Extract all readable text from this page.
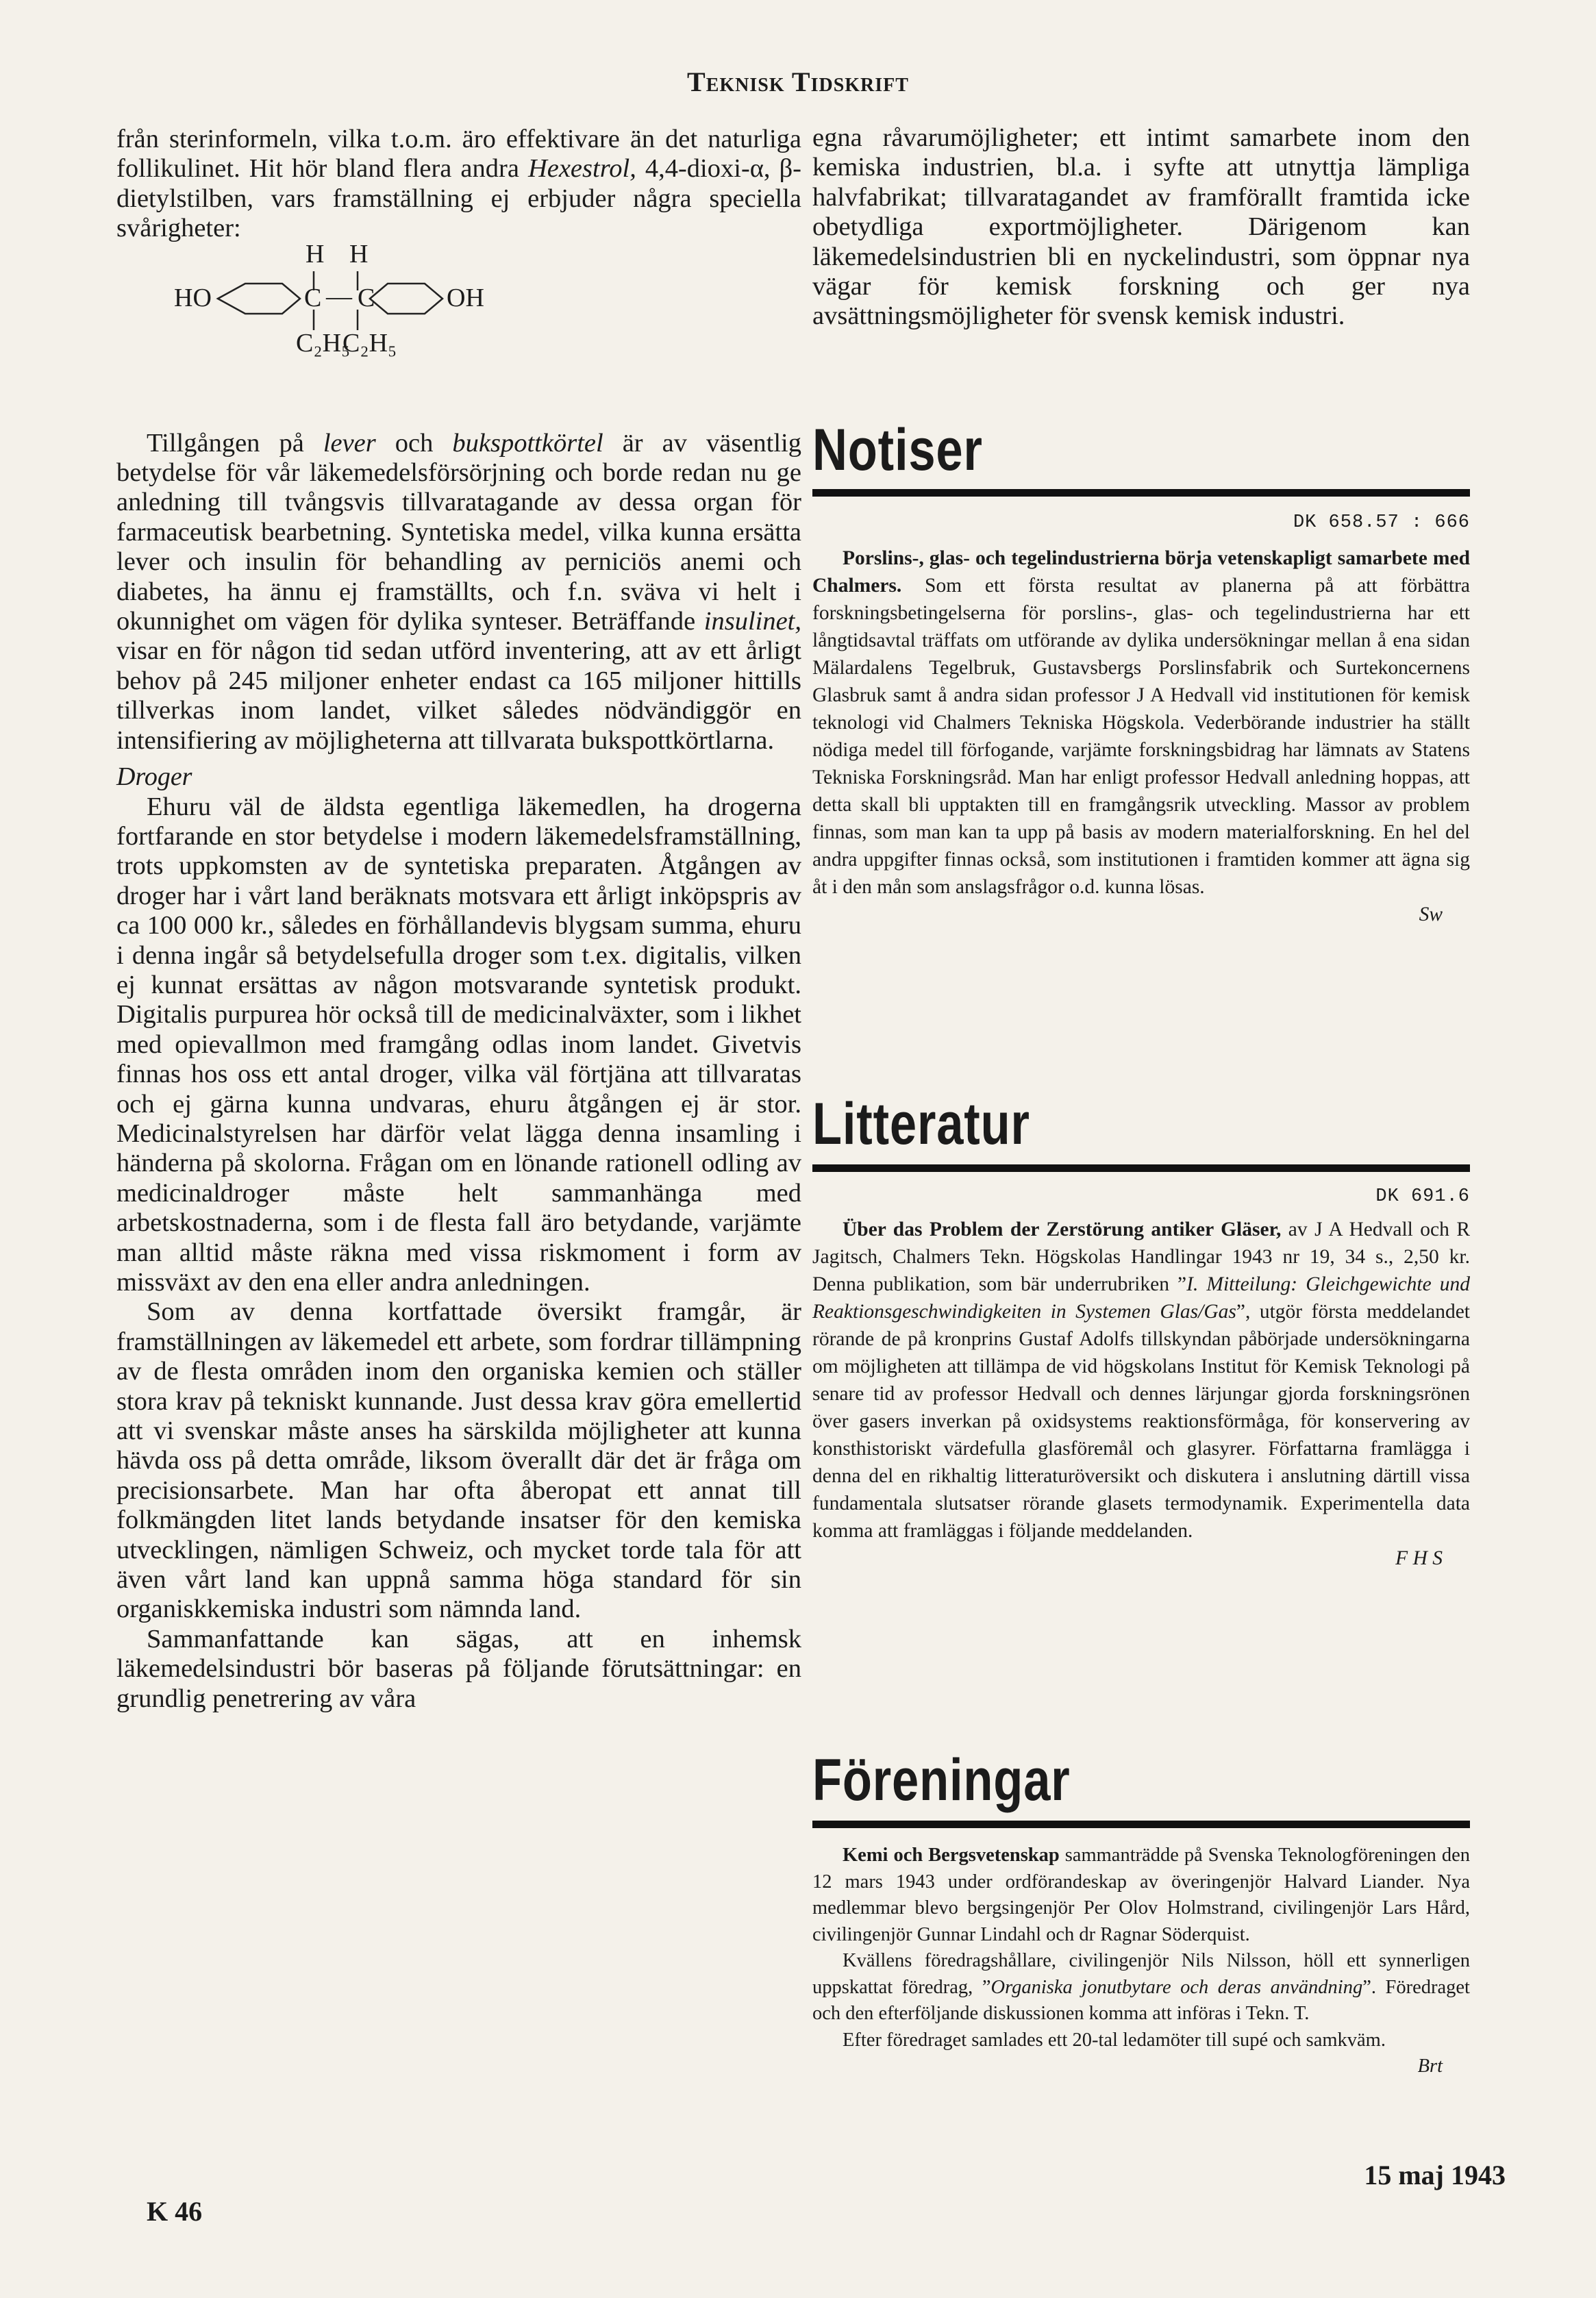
Teknisk Tidskrift

från sterinformeln, vilka t.o.m. äro effektivare än det naturliga follikulinet. Hit hör bland flera andra Hexestrol, 4,4-dioxi-α, β-dietylstilben, vars framställning ej erbjuder några speciella svårigheter:

H H
HO	C — C	OH
C₂H₅
C₂H₅

Tillgången på lever och bukspottkörtel är av väsentlig betydelse för vår läkemedelsförsörjning och borde redan nu ge anledning till tvångsvis tillvaratagande av dessa organ för farmaceutisk bearbetning. Syntetiska medel, vilka kunna ersätta lever och insulin för behandling av perniciös anemi och diabetes, ha ännu ej framställts, och f.n. sväva vi helt i okunnighet om vägen för dylika synteser. Beträffande insulinet, visar en för någon tid sedan utförd inventering, att av ett årligt behov på 245 miljoner enheter endast ca 165 miljoner hittills tillverkas inom landet, vilket således nödvändiggör en intensifiering av möjligheterna att tillvarata bukspottkörtlarna.

Droger

Ehuru väl de äldsta egentliga läkemedlen, ha drogerna fortfarande en stor betydelse i modern läkemedelsframställning, trots uppkomsten av de syntetiska preparaten. Åtgången av droger har i vårt land beräknats motsvara ett årligt inköpspris av ca 100 000 kr., således en förhållandevis blygsam summa, ehuru i denna ingår så betydelsefulla droger som t.ex. digitalis, vilken ej kunnat ersättas av någon motsvarande syntetisk produkt. Digitalis purpurea hör också till de medicinalväxter, som i likhet med opievallmon med framgång odlas inom landet. Givetvis finnas hos oss ett antal droger, vilka väl förtjäna att tillvaratas och ej gärna kunna undvaras, ehuru åtgången ej är stor. Medicinalstyrelsen har därför velat lägga denna insamling i händerna på skolorna. Frågan om en lönande rationell odling av medicinaldroger måste helt sammanhänga med arbetskostnaderna, som i de flesta fall äro betydande, varjämte man alltid måste räkna med vissa riskmoment i form av missväxt av den ena eller andra anledningen.

Som av denna kortfattade översikt framgår, är framställningen av läkemedel ett arbete, som fordrar tillämpning av de flesta områden inom den organiska kemien och ställer stora krav på tekniskt kunnande. Just dessa krav göra emellertid att vi svenskar måste anses ha särskilda möjligheter att kunna hävda oss på detta område, liksom överallt där det är fråga om precisionsarbete. Man har ofta åberopat ett annat till folkmängden litet lands betydande insatser för den kemiska utvecklingen, nämligen Schweiz, och mycket torde tala för att även vårt land kan uppnå samma höga standard för sin organiskkemiska industri som nämnda land.

Sammanfattande kan sägas, att en inhemsk läkemedelsindustri bör baseras på följande förutsättningar: en grundlig penetrering av våra

egna råvarumöjligheter; ett intimt samarbete inom den kemiska industrien, bl.a. i syfte att utnyttja lämpliga halvfabrikat; tillvaratagandet av framförallt framtida icke obetydliga exportmöjligheter. Därigenom kan läkemedelsindustrien bli en nyckelindustri, som öppnar nya vägar för kemisk forskning och ger nya avsättningsmöjligheter för svensk kemisk industri.

Notiser
DK 658.57 : 666

Porslins-, glas- och tegelindustrierna börja vetenskapligt samarbete med Chalmers. Som ett första resultat av planerna på att förbättra forskningsbetingelserna för porslins-, glas- och tegelindustrierna har ett långtidsavtal träffats om utförande av dylika undersökningar mellan å ena sidan Mälardalens Tegelbruk, Gustavsbergs Porslinsfabrik och Surtekoncernens Glasbruk samt å andra sidan professor J A Hedvall vid institutionen för kemisk teknologi vid Chalmers Tekniska Högskola. Vederbörande industrier ha ställt nödiga medel till förfogande, varjämte forskningsbidrag har lämnats av Statens Tekniska Forskningsråd. Man har enligt professor Hedvall anledning hoppas, att detta skall bli upptakten till en framgångsrik utveckling. Massor av problem finnas, som man kan ta upp på basis av modern materialforskning. En hel del andra uppgifter finnas också, som institutionen i framtiden kommer att ägna sig åt i den mån som anslagsfrågor o.d. kunna lösas.

Sw

Litteratur
DK 691.6

Über das Problem der Zerstörung antiker Gläser, av J A Hedvall och R Jagitsch, Chalmers Tekn. Högskolas Handlingar 1943 nr 19, 34 s., 2,50 kr. Denna publikation, som bär underrubriken ”I. Mitteilung: Gleichgewichte und Reaktionsgeschwindigkeiten in Systemen Glas/Gas”, utgör första meddelandet rörande de på kronprins Gustaf Adolfs tillskyndan påbörjade undersökningarna om möjligheten att tillämpa de vid högskolans Institut för Kemisk Teknologi på senare tid av professor Hedvall och dennes lärjungar gjorda forskningsrönen över gasers inverkan på oxidsystems reaktionsförmåga, för konservering av konsthistoriskt värdefulla glasföremål och glasyrer. Författarna framlägga i denna del en rikhaltig litteraturöversikt och diskutera i anslutning därtill vissa fundamentala slutsatser rörande glasets termodynamik. Experimentella data komma att framläggas i följande meddelanden.

F H S

Föreningar

Kemi och Bergsvetenskap sammanträdde på Svenska Teknologföreningen den 12 mars 1943 under ordförandeskap av överingenjör Halvard Liander. Nya medlemmar blevo bergsingenjör Per Olov Holmstrand, civilingenjör Lars Hård, civilingenjör Gunnar Lindahl och dr Ragnar Söderquist.

Kvällens föredragshållare, civilingenjör Nils Nilsson, höll ett synnerligen uppskattat föredrag, ”Organiska jonutbytare och deras användning”. Föredraget och den efterföljande diskussionen komma att införas i Tekn. T.

Efter föredraget samlades ett 20-tal ledamöter till supé och samkväm.

Brt

K 46
15 maj 1943
